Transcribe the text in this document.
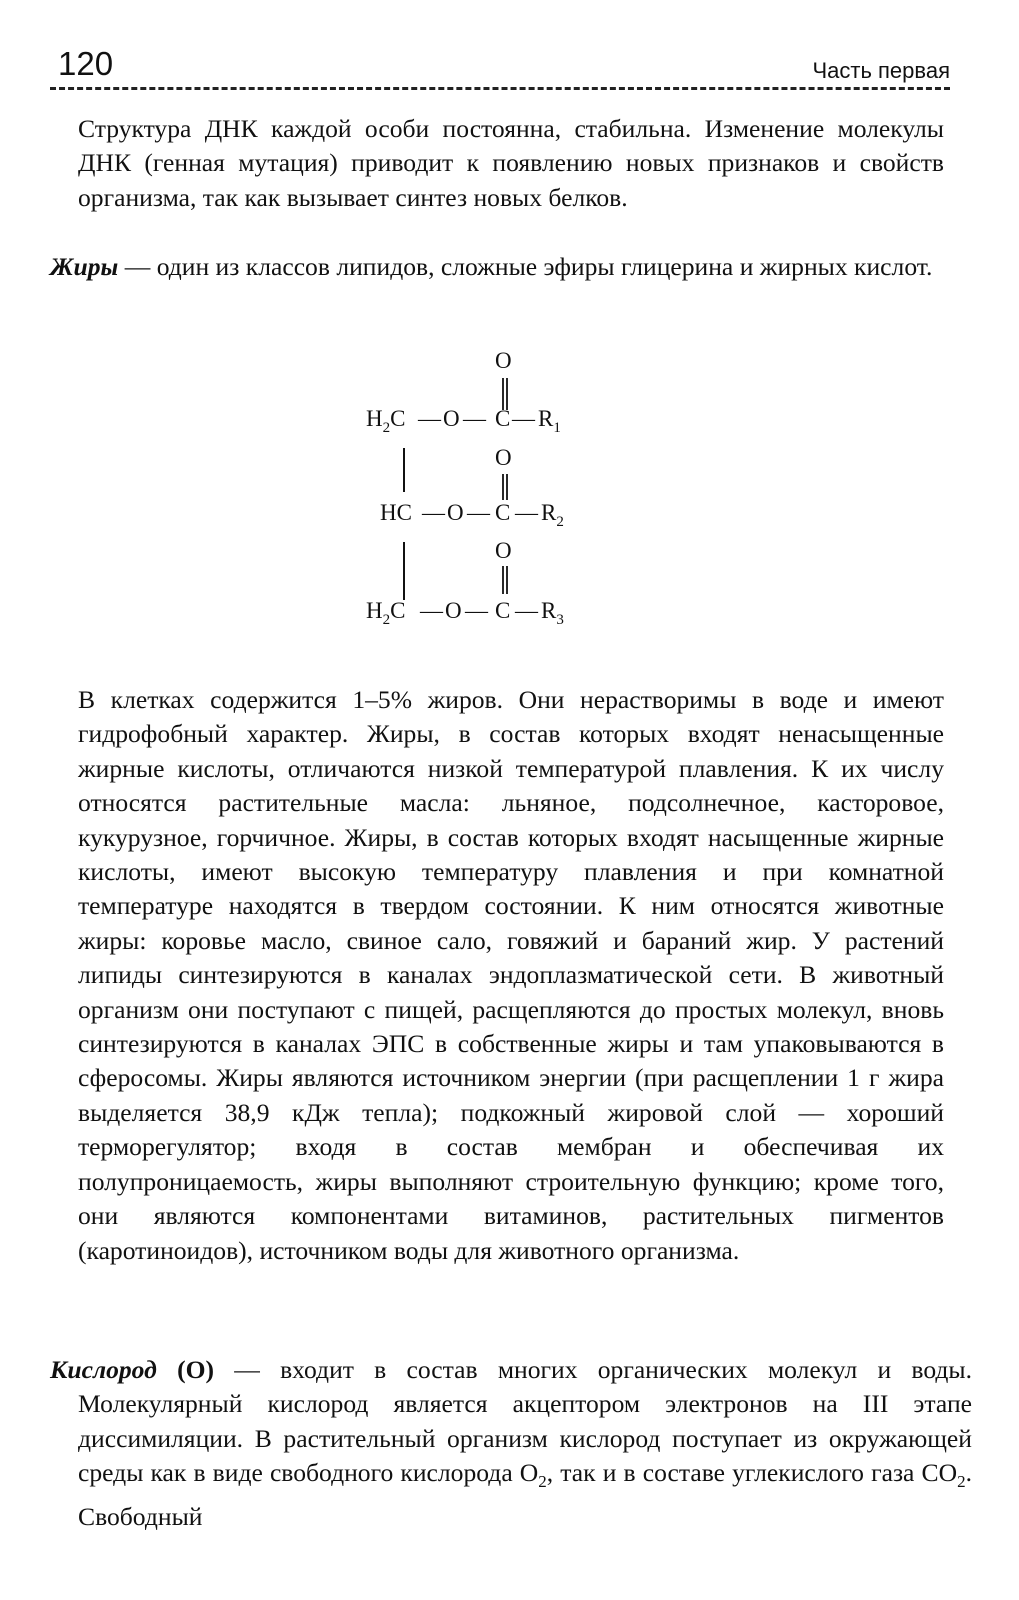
120	Часть первая

Структура ДНК каждой особи постоянна, стабильна. Изменение молекулы ДНК (генная мутация) приводит к появлению новых признаков и свойств организма, так как вызывает синтез новых белков.

Жиры — один из классов липидов, сложные эфиры глицерина и жирных кислот.

O
O
O
$H_2C$ — O — C — $R_1$
HC — O — C — $R_2$
$H_2C$ — O — C — $R_3$

В клетках содержится 1–5% жиров. Они нерастворимы в воде и имеют гидрофобный характер. Жиры, в состав которых входят ненасыщенные жирные кислоты, отличаются низкой температурой плавления. К их числу относятся растительные масла: льняное, подсолнечное, касторовое, кукурузное, горчичное. Жиры, в состав которых входят насыщенные жирные кислоты, имеют высокую температуру плавления и при комнатной температуре находятся в твердом состоянии. К ним относятся животные жиры: коровье масло, свиное сало, говяжий и бараний жир. У растений липиды синтезируются в каналах эндоплазматической сети. В животный организм они поступают с пищей, расщепляются до простых молекул, вновь синтезируются в каналах ЭПС в собственные жиры и там упаковываются в сферосомы. Жиры являются источником энергии (при расщеплении 1 г жира выделяется 38,9 кДж тепла); подкожный жировой слой — хороший терморегулятор; входя в состав мембран и обеспечивая их полупроницаемость, жиры выполняют строительную функцию; кроме того, они являются компонентами витаминов, растительных пигментов (каротиноидов), источником воды для животного организма.

Кислород (O) — входит в состав многих органических молекул и воды. Молекулярный кислород является акцептором электронов на III этапе диссимиляции. В растительный организм кислород поступает из окружающей среды как в виде свободного кислорода $O_2$, так и в составе углекислого газа $CO_2$. Свободный
